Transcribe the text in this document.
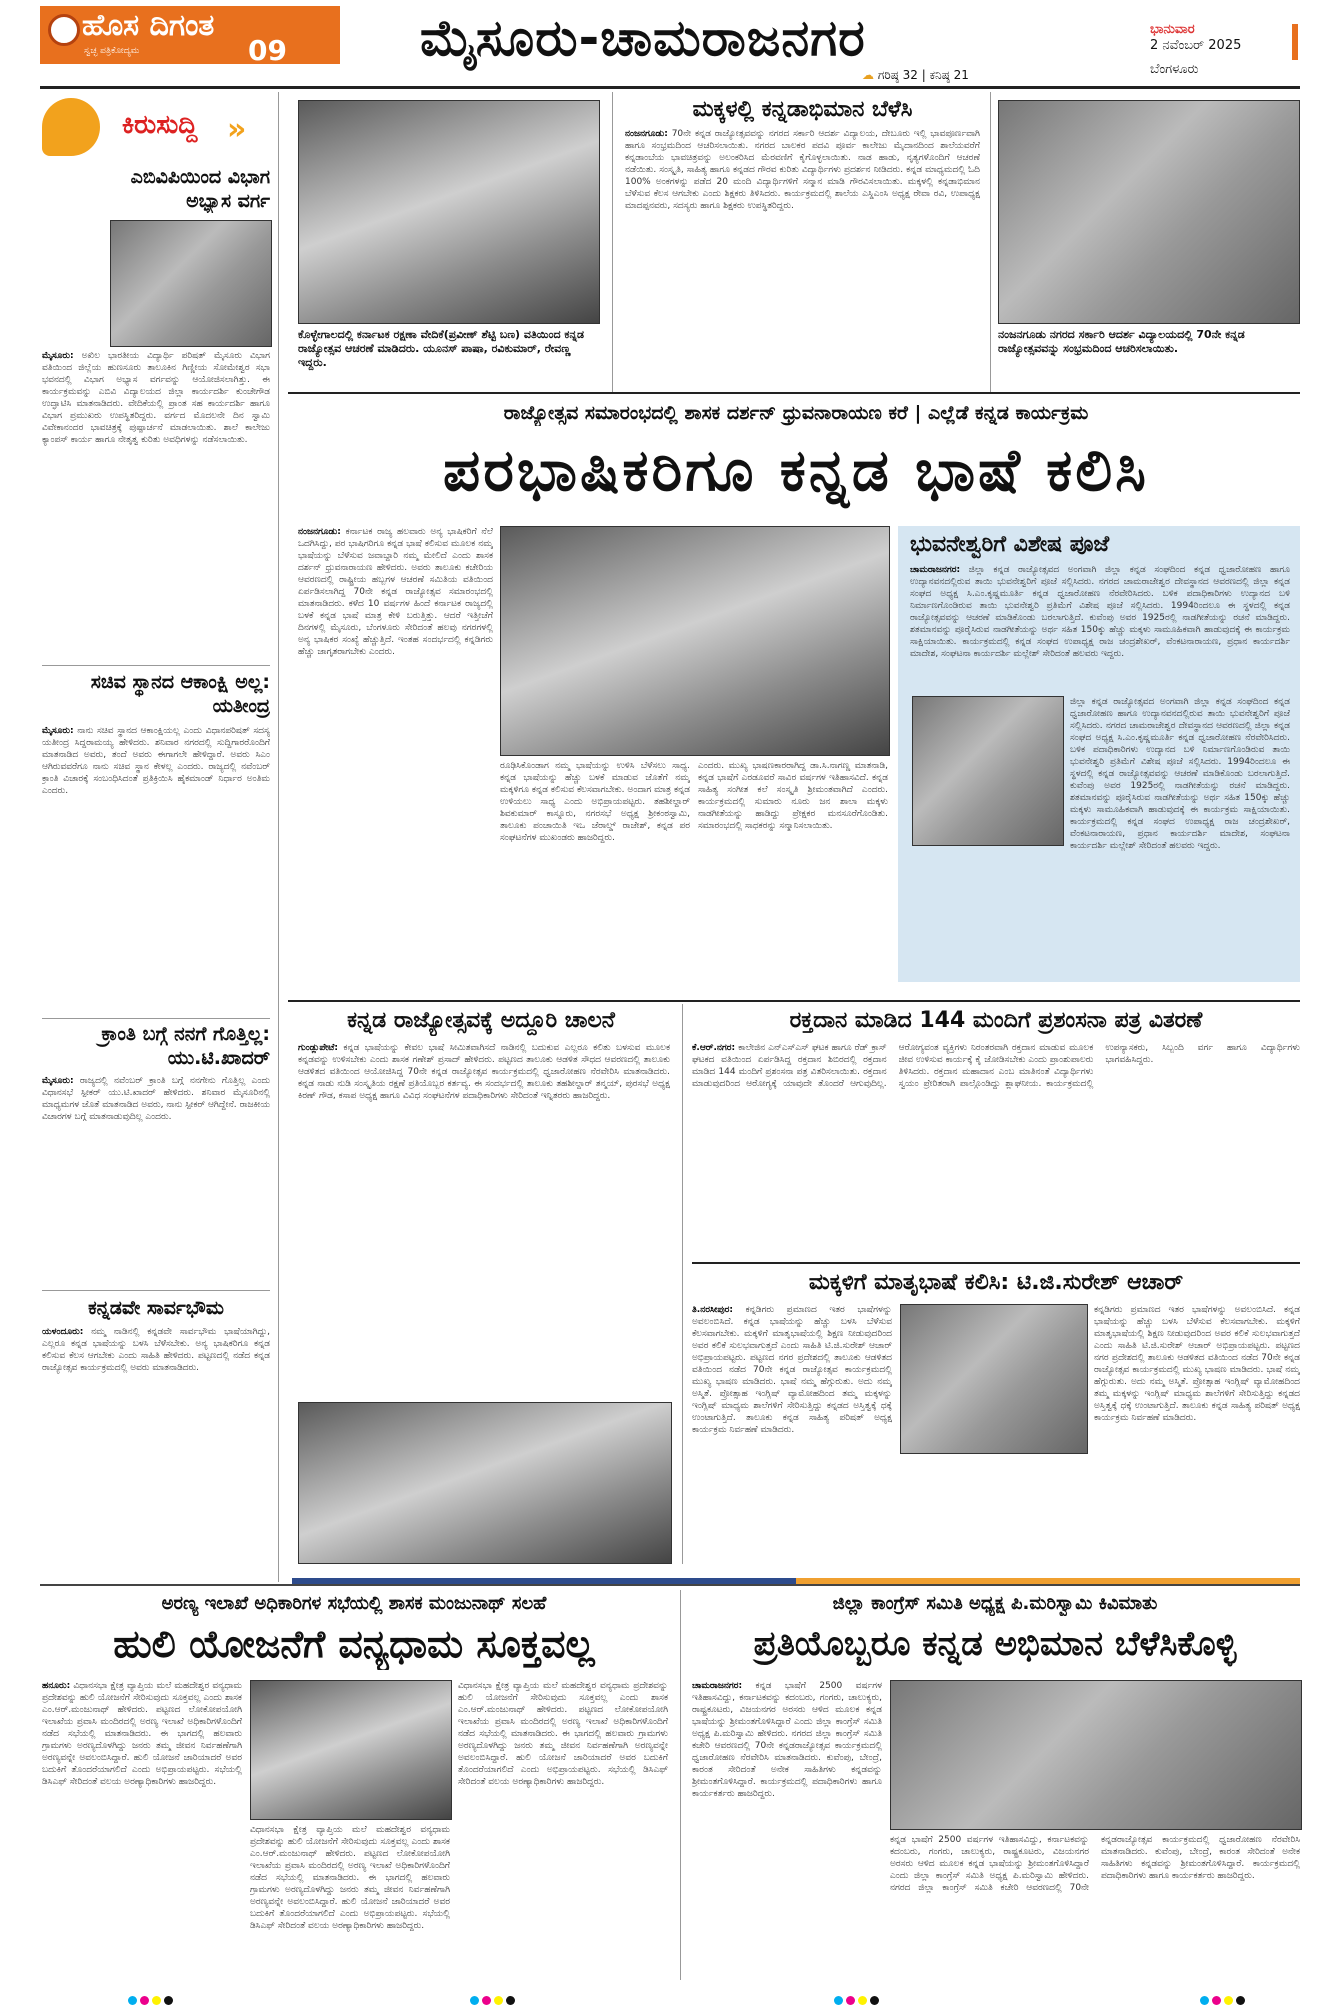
ಹೊಸ ದಿಗಂತ
ಸ್ವಚ್ಛ ಪತ್ರಿಕೋದ್ಯಮ	09	ಮೈಸೂರು-ಚಾಮರಾಜನಗರ	ಭಾನುವಾರ
2 ನವೆಂಬರ್ 2025
ಬೆಂಗಳೂರು
☁ ಗರಿಷ್ಠ 32 | ಕನಿಷ್ಠ 21
ಕಿರುಸುದ್ದಿ »
ಎಬಿವಿಪಿಯಿಂದ ವಿಭಾಗ ಅಭ್ಯಾಸ ವರ್ಗ
ಮೈಸೂರು: ಅಖಿಲ ಭಾರತೀಯ ವಿದ್ಯಾರ್ಥಿ ಪರಿಷತ್ ಮೈಸೂರು ವಿಭಾಗ ವತಿಯಿಂದ ಜಿಲ್ಲೆಯ ಹುಣಸೂರು ತಾಲೂಕಿನ ಗಿಣ್ಣೀಯ ಸೋಮೇಶ್ವರ ಸಭಾ ಭವನದಲ್ಲಿ ವಿಭಾಗ ಅಭ್ಯಾಸ ವರ್ಗವನ್ನು ಆಯೋಜಿಸಲಾಗಿತ್ತು. ಈ ಕಾರ್ಯಕ್ರಮವನ್ನು ಎಬಿವಿ ವಿದ್ಯಾಲಯದ ಜಿಲ್ಲಾ ಕಾರ್ಯದರ್ಶಿ ಕುಂಚೇಗೌಡ ಉದ್ಘಾಟಿಸಿ ಮಾತನಾಡಿದರು. ವೇದಿಕೆಯಲ್ಲಿ ಪ್ರಾಂತ ಸಹ ಕಾರ್ಯದರ್ಶಿ ಹಾಗೂ ವಿಭಾಗ ಪ್ರಮುಖರು ಉಪಸ್ಥಿತರಿದ್ದರು. ವರ್ಗದ ಮೊದಲನೇ ದಿನ ಸ್ವಾಮಿ ವಿವೇಕಾನಂದರ ಭಾವಚಿತ್ರಕ್ಕೆ ಪುಷ್ಪಾರ್ಚನೆ ಮಾಡಲಾಯಿತು. ಶಾಲೆ ಕಾಲೇಜು ಕ್ಯಾಂಪಸ್ ಕಾರ್ಯ ಹಾಗೂ ನೇತೃತ್ವ ಕುರಿತು ಅವಧಿಗಳನ್ನು ನಡೆಸಲಾಯಿತು.
ಸಚಿವ ಸ್ಥಾನದ ಆಕಾಂಕ್ಷಿ ಅಲ್ಲ: ಯತೀಂದ್ರ
ಮೈಸೂರು: ನಾನು ಸಚಿವ ಸ್ಥಾನದ ಆಕಾಂಕ್ಷಿಯಲ್ಲ ಎಂದು ವಿಧಾನಪರಿಷತ್ ಸದಸ್ಯ ಯತೀಂದ್ರ ಸಿದ್ದರಾಮಯ್ಯ ಹೇಳಿದರು. ಶನಿವಾರ ನಗರದಲ್ಲಿ ಸುದ್ದಿಗಾರರೊಂದಿಗೆ ಮಾತನಾಡಿದ ಅವರು, ತಂದೆ ಅವರು ಈಗಾಗಲೇ ಹೇಳಿದ್ದಾರೆ. ಅವರು ಸಿಎಂ ಆಗಿರುವವರೆಗೂ ನಾನು ಸಚಿವ ಸ್ಥಾನ ಕೇಳಲ್ಲ ಎಂದರು. ರಾಜ್ಯದಲ್ಲಿ ನವೆಂಬರ್ ಕ್ರಾಂತಿ ವಿಚಾರಕ್ಕೆ ಸಂಬಂಧಿಸಿದಂತೆ ಪ್ರತಿಕ್ರಿಯಿಸಿ ಹೈಕಮಾಂಡ್ ನಿರ್ಧಾರ ಅಂತಿಮ ಎಂದರು.
ಕ್ರಾಂತಿ ಬಗ್ಗೆ ನನಗೆ ಗೊತ್ತಿಲ್ಲ: ಯು.ಟಿ.ಖಾದರ್
ಮೈಸೂರು: ರಾಜ್ಯದಲ್ಲಿ ನವೆಂಬರ್ ಕ್ರಾಂತಿ ಬಗ್ಗೆ ನನಗೇನು ಗೊತ್ತಿಲ್ಲ ಎಂದು ವಿಧಾನಸಭೆ ಸ್ಪೀಕರ್ ಯು.ಟಿ.ಖಾದರ್ ಹೇಳಿದರು. ಶನಿವಾರ ಮೈಸೂರಿನಲ್ಲಿ ಮಾಧ್ಯಮಗಳ ಜೊತೆ ಮಾತನಾಡಿದ ಅವರು, ನಾನು ಸ್ಪೀಕರ್ ಆಗಿದ್ದೇನೆ. ರಾಜಕೀಯ ವಿಚಾರಗಳ ಬಗ್ಗೆ ಮಾತನಾಡುವುದಿಲ್ಲ ಎಂದರು.
ಕನ್ನಡವೇ ಸಾರ್ವಭೌಮ
ಯಳಂದೂರು: ನಮ್ಮ ನಾಡಿನಲ್ಲಿ ಕನ್ನಡವೇ ಸಾರ್ವಭೌಮ ಭಾಷೆಯಾಗಿದ್ದು, ಎಲ್ಲರೂ ಕನ್ನಡ ಭಾಷೆಯನ್ನು ಬಳಸಿ ಬೆಳೆಸಬೇಕು. ಅನ್ಯ ಭಾಷಿಕರಿಗೂ ಕನ್ನಡ ಕಲಿಸುವ ಕೆಲಸ ಆಗಬೇಕು ಎಂದು ಸಾಹಿತಿ ಹೇಳಿದರು. ಪಟ್ಟಣದಲ್ಲಿ ನಡೆದ ಕನ್ನಡ ರಾಜ್ಯೋತ್ಸವ ಕಾರ್ಯಕ್ರಮದಲ್ಲಿ ಅವರು ಮಾತನಾಡಿದರು.
ಕೊಳ್ಳೇಗಾಲದಲ್ಲಿ ಕರ್ನಾಟಕ ರಕ್ಷಣಾ ವೇದಿಕೆ(ಪ್ರವೀಣ್ ಶೆಟ್ಟಿ ಬಣ) ವತಿಯಿಂದ ಕನ್ನಡ ರಾಜ್ಯೋತ್ಸವ ಆಚರಣೆ ಮಾಡಿದರು. ಯೂನಸ್ ಪಾಷಾ, ರವಿಕುಮಾರ್, ರೇವಣ್ಣ ಇದ್ದರು.
ಮಕ್ಕಳಲ್ಲಿ ಕನ್ನಡಾಭಿಮಾನ ಬೆಳೆಸಿ
ನಂಜನಗೂಡು: 70ನೇ ಕನ್ನಡ ರಾಜ್ಯೋತ್ಸವವನ್ನು ನಗರದ ಸರ್ಕಾರಿ ಆದರ್ಶ ವಿದ್ಯಾಲಯ, ದೇಬೂರು ಇಲ್ಲಿ ಭಾವಪೂರ್ಣವಾಗಿ ಹಾಗೂ ಸಂಭ್ರಮದಿಂದ ಆಚರಿಸಲಾಯಿತು. ನಗರದ ಬಾಲಕರ ಪದವಿ ಪೂರ್ವ ಕಾಲೇಜು ಮೈದಾನದಿಂದ ಶಾಲೆಯವರೆಗೆ ಕನ್ನಡಾಂಬೆಯ ಭಾವಚಿತ್ರವನ್ನು ಅಲಂಕರಿಸಿದ ಮೆರವಣಿಗೆ ಕೈಗೊಳ್ಳಲಾಯಿತು. ನಾಡ ಹಾಡು, ನೃತ್ಯಗಳೊಂದಿಗೆ ಆಚರಣೆ ನಡೆಯಿತು. ಸಂಸ್ಕೃತಿ, ಸಾಹಿತ್ಯ ಹಾಗೂ ಕನ್ನಡದ ಗೌರವ ಕುರಿತು ವಿದ್ಯಾರ್ಥಿಗಳು ಪ್ರದರ್ಶನ ನೀಡಿದರು. ಕನ್ನಡ ಮಾಧ್ಯಮದಲ್ಲಿ ಓದಿ 100% ಅಂಕಗಳನ್ನು ಪಡೆದ 20 ಮಂದಿ ವಿದ್ಯಾರ್ಥಿಗಳಿಗೆ ಸನ್ಮಾನ ಮಾಡಿ ಗೌರವಿಸಲಾಯಿತು. ಮಕ್ಕಳಲ್ಲಿ ಕನ್ನಡಾಭಿಮಾನ ಬೆಳೆಸುವ ಕೆಲಸ ಆಗಬೇಕು ಎಂದು ಶಿಕ್ಷಕರು ತಿಳಿಸಿದರು. ಕಾರ್ಯಕ್ರಮದಲ್ಲಿ ಶಾಲೆಯ ಎಸ್ಡಿಎಂಸಿ ಅಧ್ಯಕ್ಷ ರೇವಾ ರವಿ, ಉಪಾಧ್ಯಕ್ಷ ಮಾದಪ್ಪನವರು, ಸದಸ್ಯರು ಹಾಗೂ ಶಿಕ್ಷಕರು ಉಪಸ್ಥಿತರಿದ್ದರು.
ನಂಜನಗೂಡು ನಗರದ ಸರ್ಕಾರಿ ಆದರ್ಶ ವಿದ್ಯಾಲಯದಲ್ಲಿ 70ನೇ ಕನ್ನಡ ರಾಜ್ಯೋತ್ಸವವನ್ನು ಸಂಭ್ರಮದಿಂದ ಆಚರಿಸಲಾಯಿತು.
ರಾಜ್ಯೋತ್ಸವ ಸಮಾರಂಭದಲ್ಲಿ ಶಾಸಕ ದರ್ಶನ್ ಧ್ರುವನಾರಾಯಣ ಕರೆ | ಎಲ್ಲೆಡೆ ಕನ್ನಡ ಕಾರ್ಯಕ್ರಮ
ಪರಭಾಷಿಕರಿಗೂ ಕನ್ನಡ ಭಾಷೆ ಕಲಿಸಿ
ನಂಜನಗೂಡು: ಕರ್ನಾಟಕ ರಾಜ್ಯ ಹಲವಾರು ಅನ್ಯ ಭಾಷಿಕರಿಗೆ ನೆಲೆ ಒದಗಿಸಿದ್ದು, ಪರ ಭಾಷಿಗರಿಗೂ ಕನ್ನಡ ಭಾಷೆ ಕಲಿಸುವ ಮೂಲಕ ನಮ್ಮ ಭಾಷೆಯನ್ನು ಬೆಳೆಸುವ ಜವಾಬ್ದಾರಿ ನಮ್ಮ ಮೇಲಿದೆ ಎಂದು ಶಾಸಕ ದರ್ಶನ್ ಧ್ರುವನಾರಾಯಣ ಹೇಳಿದರು. ಅವರು ತಾಲೂಕು ಕಚೇರಿಯ ಆವರಣದಲ್ಲಿ ರಾಷ್ಟ್ರೀಯ ಹಬ್ಬಗಳ ಆಚರಣೆ ಸಮಿತಿಯ ವತಿಯಿಂದ ಏರ್ಪಡಿಸಲಾಗಿದ್ದ 70ನೇ ಕನ್ನಡ ರಾಜ್ಯೋತ್ಸವ ಸಮಾರಂಭದಲ್ಲಿ ಮಾತನಾಡಿದರು. ಕಳೆದ 10 ವರ್ಷಗಳ ಹಿಂದೆ ಕರ್ನಾಟಕ ರಾಜ್ಯದಲ್ಲಿ ಬಳಕೆ ಕನ್ನಡ ಭಾಷೆ ಮಾತ್ರ ಕೇಳಿ ಬರುತ್ತಿತ್ತು. ಆದರೆ ಇತ್ತೀಚೆಗೆ ದಿನಗಳಲ್ಲಿ ಮೈಸೂರು, ಬೆಂಗಳೂರು ಸೇರಿದಂತೆ ಹಲವು ನಗರಗಳಲ್ಲಿ ಅನ್ಯ ಭಾಷಿಕರ ಸಂಖ್ಯೆ ಹೆಚ್ಚುತ್ತಿದೆ. ಇಂತಹ ಸಂದರ್ಭದಲ್ಲಿ ಕನ್ನಡಿಗರು ಹೆಚ್ಚು ಜಾಗೃತರಾಗಬೇಕು ಎಂದರು.
ರೂಢಿಸಿಕೊಂಡಾಗ ನಮ್ಮ ಭಾಷೆಯನ್ನು ಉಳಿಸಿ ಬೆಳೆಸಲು ಸಾಧ್ಯ. ಕನ್ನಡ ಭಾಷೆಯನ್ನು ಹೆಚ್ಚು ಬಳಕೆ ಮಾಡುವ ಜೊತೆಗೆ ನಮ್ಮ ಮಕ್ಕಳಿಗೂ ಕನ್ನಡ ಕಲಿಸುವ ಕೆಲಸವಾಗಬೇಕು. ಅಂದಾಗ ಮಾತ್ರ ಕನ್ನಡ ಉಳಿಯಲು ಸಾಧ್ಯ ಎಂದು ಅಭಿಪ್ರಾಯಪಟ್ಟರು. ತಹಶೀಲ್ದಾರ್ ಶಿವಕುಮಾರ್ ಕಾಸ್ನೂರು, ನಗರಸಭೆ ಅಧ್ಯಕ್ಷ ಶ್ರೀಕಂಠಸ್ವಾಮಿ, ತಾಲೂಕು ಪಂಚಾಯಿತಿ ಇಒ ಜೆರಾಲ್ಡ್ ರಾಜೇಶ್, ಕನ್ನಡ ಪರ ಸಂಘಟನೆಗಳ ಮುಖಂಡರು ಹಾಜರಿದ್ದರು.
ಎಂದರು. ಮುಖ್ಯ ಭಾಷಣಕಾರರಾಗಿದ್ದ ಡಾ.ಸಿ.ನಾಗಣ್ಣ ಮಾತನಾಡಿ, ಕನ್ನಡ ಭಾಷೆಗೆ ಎರಡೂವರೆ ಸಾವಿರ ವರ್ಷಗಳ ಇತಿಹಾಸವಿದೆ. ಕನ್ನಡ ಸಾಹಿತ್ಯ ಸಂಗೀತ ಕಲೆ ಸಂಸ್ಕೃತಿ ಶ್ರೀಮಂತವಾಗಿದೆ ಎಂದರು. ಕಾರ್ಯಕ್ರಮದಲ್ಲಿ ಸುಮಾರು ನೂರು ಜನ ಶಾಲಾ ಮಕ್ಕಳು ನಾಡಗೀತೆಯನ್ನು ಹಾಡಿದ್ದು ಪ್ರೇಕ್ಷಕರ ಮನಸೂರೆಗೊಂಡಿತು. ಸಮಾರಂಭದಲ್ಲಿ ಸಾಧಕರನ್ನು ಸನ್ಮಾನಿಸಲಾಯಿತು.
ಭುವನೇಶ್ವರಿಗೆ ವಿಶೇಷ ಪೂಜೆ
ಚಾಮರಾಜನಗರ: ಜಿಲ್ಲಾ ಕನ್ನಡ ರಾಜ್ಯೋತ್ಸವದ ಅಂಗವಾಗಿ ಜಿಲ್ಲಾ ಕನ್ನಡ ಸಂಘದಿಂದ ಕನ್ನಡ ಧ್ವಜಾರೋಹಣ ಹಾಗೂ ಉದ್ಯಾನವನದಲ್ಲಿರುವ ತಾಯಿ ಭುವನೇಶ್ವರಿಗೆ ಪೂಜೆ ಸಲ್ಲಿಸಿದರು. ನಗರದ ಚಾಮರಾಜೇಶ್ವರ ದೇವಸ್ಥಾನದ ಆವರಣದಲ್ಲಿ ಜಿಲ್ಲಾ ಕನ್ನಡ ಸಂಘದ ಅಧ್ಯಕ್ಷ ಸಿ.ಎಂ.ಕೃಷ್ಣಮೂರ್ತಿ ಕನ್ನಡ ಧ್ವಜಾರೋಹಣ ನೆರವೇರಿಸಿದರು. ಬಳಿಕ ಪದಾಧಿಕಾರಿಗಳು ಉದ್ಯಾನದ ಬಳಿ ನಿರ್ಮಾಣಗೊಂಡಿರುವ ತಾಯಿ ಭುವನೇಶ್ವರಿ ಪ್ರತಿಮೆಗೆ ವಿಶೇಷ ಪೂಜೆ ಸಲ್ಲಿಸಿದರು. 1994ರಿಂದಲೂ ಈ ಸ್ಥಳದಲ್ಲಿ ಕನ್ನಡ ರಾಜ್ಯೋತ್ಸವವನ್ನು ಆಚರಣೆ ಮಾಡಿಕೊಂಡು ಬರಲಾಗುತ್ತಿದೆ. ಕುವೆಂಪು ಅವರ 1925ರಲ್ಲಿ ನಾಡಗೀತೆಯನ್ನು ರಚನೆ ಮಾಡಿದ್ದರು. ಶತಮಾನವನ್ನು ಪೂರೈಸಿರುವ ನಾಡಗೀತೆಯನ್ನು ಅರ್ಥ ಸಹಿತ 150ಕ್ಕು ಹೆಚ್ಚು ಮಕ್ಕಳು ಸಾಮೂಹಿಕವಾಗಿ ಹಾಡುವುದಕ್ಕೆ ಈ ಕಾರ್ಯಕ್ರಮ ಸಾಕ್ಷಿಯಾಯಿತು. ಕಾರ್ಯಕ್ರಮದಲ್ಲಿ ಕನ್ನಡ ಸಂಘದ ಉಪಾಧ್ಯಕ್ಷ ರಾಜ ಚಂದ್ರಶೇಖರ್, ವೆಂಕಟನಾರಾಯಣ, ಪ್ರಧಾನ ಕಾರ್ಯದರ್ಶಿ ಮಾದೇಶ, ಸಂಘಟನಾ ಕಾರ್ಯದರ್ಶಿ ಮಲ್ಲೇಶ್ ಸೇರಿದಂತೆ ಹಲವರು ಇದ್ದರು.
ಜಿಲ್ಲಾ ಕನ್ನಡ ರಾಜ್ಯೋತ್ಸವದ ಅಂಗವಾಗಿ ಜಿಲ್ಲಾ ಕನ್ನಡ ಸಂಘದಿಂದ ಕನ್ನಡ ಧ್ವಜಾರೋಹಣ ಹಾಗೂ ಉದ್ಯಾನವನದಲ್ಲಿರುವ ತಾಯಿ ಭುವನೇಶ್ವರಿಗೆ ಪೂಜೆ ಸಲ್ಲಿಸಿದರು. ನಗರದ ಚಾಮರಾಜೇಶ್ವರ ದೇವಸ್ಥಾನದ ಆವರಣದಲ್ಲಿ ಜಿಲ್ಲಾ ಕನ್ನಡ ಸಂಘದ ಅಧ್ಯಕ್ಷ ಸಿ.ಎಂ.ಕೃಷ್ಣಮೂರ್ತಿ ಕನ್ನಡ ಧ್ವಜಾರೋಹಣ ನೆರವೇರಿಸಿದರು. ಬಳಿಕ ಪದಾಧಿಕಾರಿಗಳು ಉದ್ಯಾನದ ಬಳಿ ನಿರ್ಮಾಣಗೊಂಡಿರುವ ತಾಯಿ ಭುವನೇಶ್ವರಿ ಪ್ರತಿಮೆಗೆ ವಿಶೇಷ ಪೂಜೆ ಸಲ್ಲಿಸಿದರು. 1994ರಿಂದಲೂ ಈ ಸ್ಥಳದಲ್ಲಿ ಕನ್ನಡ ರಾಜ್ಯೋತ್ಸವವನ್ನು ಆಚರಣೆ ಮಾಡಿಕೊಂಡು ಬರಲಾಗುತ್ತಿದೆ. ಕುವೆಂಪು ಅವರ 1925ರಲ್ಲಿ ನಾಡಗೀತೆಯನ್ನು ರಚನೆ ಮಾಡಿದ್ದರು. ಶತಮಾನವನ್ನು ಪೂರೈಸಿರುವ ನಾಡಗೀತೆಯನ್ನು ಅರ್ಥ ಸಹಿತ 150ಕ್ಕು ಹೆಚ್ಚು ಮಕ್ಕಳು ಸಾಮೂಹಿಕವಾಗಿ ಹಾಡುವುದಕ್ಕೆ ಈ ಕಾರ್ಯಕ್ರಮ ಸಾಕ್ಷಿಯಾಯಿತು. ಕಾರ್ಯಕ್ರಮದಲ್ಲಿ ಕನ್ನಡ ಸಂಘದ ಉಪಾಧ್ಯಕ್ಷ ರಾಜ ಚಂದ್ರಶೇಖರ್, ವೆಂಕಟನಾರಾಯಣ, ಪ್ರಧಾನ ಕಾರ್ಯದರ್ಶಿ ಮಾದೇಶ, ಸಂಘಟನಾ ಕಾರ್ಯದರ್ಶಿ ಮಲ್ಲೇಶ್ ಸೇರಿದಂತೆ ಹಲವರು ಇದ್ದರು.
ಕನ್ನಡ ರಾಜ್ಯೋತ್ಸವಕ್ಕೆ ಅದ್ದೂರಿ ಚಾಲನೆ
ಗುಂಡ್ಲುಪೇಟೆ: ಕನ್ನಡ ಭಾಷೆಯನ್ನು ಕೇವಲ ಭಾಷೆ ಸೀಮಿತವಾಗಿಸದೆ ನಾಡಿನಲ್ಲಿ ಬದುಕುವ ಎಲ್ಲರೂ ಕಲಿತು ಬಳಸುವ ಮೂಲಕ ಕನ್ನಡವನ್ನು ಉಳಿಸಬೇಕು ಎಂದು ಶಾಸಕ ಗಣೇಶ್ ಪ್ರಸಾದ್ ಹೇಳಿದರು. ಪಟ್ಟಣದ ತಾಲೂಕು ಆಡಳಿತ ಸೌಧದ ಆವರಣದಲ್ಲಿ ತಾಲೂಕು ಆಡಳಿತದ ವತಿಯಿಂದ ಆಯೋಜಿಸಿದ್ದ 70ನೇ ಕನ್ನಡ ರಾಜ್ಯೋತ್ಸವ ಕಾರ್ಯಕ್ರಮದಲ್ಲಿ ಧ್ವಜಾರೋಹಣ ನೆರವೇರಿಸಿ ಮಾತನಾಡಿದರು. ಕನ್ನಡ ನಾಡು ನುಡಿ ಸಂಸ್ಕೃತಿಯ ರಕ್ಷಣೆ ಪ್ರತಿಯೊಬ್ಬರ ಕರ್ತವ್ಯ. ಈ ಸಂದರ್ಭದಲ್ಲಿ ತಾಲೂಕು ತಹಶೀಲ್ದಾರ್ ತನ್ಮಯ್, ಪುರಸಭೆ ಅಧ್ಯಕ್ಷ ಕಿರಣ್ ಗೌಡ, ಕಸಾಪ ಅಧ್ಯಕ್ಷ ಹಾಗೂ ವಿವಿಧ ಸಂಘಟನೆಗಳ ಪದಾಧಿಕಾರಿಗಳು ಸೇರಿದಂತೆ ಇನ್ನಿತರರು ಹಾಜರಿದ್ದರು.
ರಕ್ತದಾನ ಮಾಡಿದ 144 ಮಂದಿಗೆ ಪ್ರಶಂಸನಾ ಪತ್ರ ವಿತರಣೆ
ಕೆ.ಆರ್.ನಗರ: ಕಾಲೇಜಿನ ಎನ್ಎಸ್ಎಸ್ ಘಟಕ ಹಾಗೂ ರೆಡ್ ಕ್ರಾಸ್ ಘಟಕದ ವತಿಯಿಂದ ಏರ್ಪಡಿಸಿದ್ದ ರಕ್ತದಾನ ಶಿಬಿರದಲ್ಲಿ ರಕ್ತದಾನ ಮಾಡಿದ 144 ಮಂದಿಗೆ ಪ್ರಶಂಸನಾ ಪತ್ರ ವಿತರಿಸಲಾಯಿತು. ರಕ್ತದಾನ ಮಾಡುವುದರಿಂದ ಆರೋಗ್ಯಕ್ಕೆ ಯಾವುದೇ ತೊಂದರೆ ಆಗುವುದಿಲ್ಲ. ಆರೋಗ್ಯವಂತ ವ್ಯಕ್ತಿಗಳು ನಿರಂತರವಾಗಿ ರಕ್ತದಾನ ಮಾಡುವ ಮೂಲಕ ಜೀವ ಉಳಿಸುವ ಕಾರ್ಯಕ್ಕೆ ಕೈ ಜೋಡಿಸಬೇಕು ಎಂದು ಪ್ರಾಂಶುಪಾಲರು ತಿಳಿಸಿದರು. ರಕ್ತದಾನ ಮಹಾದಾನ ಎಂಬ ಮಾತಿನಂತೆ ವಿದ್ಯಾರ್ಥಿಗಳು ಸ್ವಯಂ ಪ್ರೇರಿತರಾಗಿ ಪಾಲ್ಗೊಂಡಿದ್ದು ಶ್ಲಾಘನೀಯ. ಕಾರ್ಯಕ್ರಮದಲ್ಲಿ ಉಪನ್ಯಾಸಕರು, ಸಿಬ್ಬಂದಿ ವರ್ಗ ಹಾಗೂ ವಿದ್ಯಾರ್ಥಿಗಳು ಭಾಗವಹಿಸಿದ್ದರು.
ಮಕ್ಕಳಿಗೆ ಮಾತೃಭಾಷೆ ಕಲಿಸಿ: ಟಿ.ಜಿ.ಸುರೇಶ್ ಆಚಾರ್
ತಿ.ನರಸೀಪುರ: ಕನ್ನಡಿಗರು ಪ್ರಮಾಣದ ಇತರ ಭಾಷೆಗಳನ್ನು ಅವಲಂಬಿಸಿದೆ. ಕನ್ನಡ ಭಾಷೆಯನ್ನು ಹೆಚ್ಚು ಬಳಸಿ ಬೆಳೆಸುವ ಕೆಲಸವಾಗಬೇಕು. ಮಕ್ಕಳಿಗೆ ಮಾತೃಭಾಷೆಯಲ್ಲಿ ಶಿಕ್ಷಣ ನೀಡುವುದರಿಂದ ಅವರ ಕಲಿಕೆ ಸುಲಭವಾಗುತ್ತದೆ ಎಂದು ಸಾಹಿತಿ ಟಿ.ಜಿ.ಸುರೇಶ್ ಆಚಾರ್ ಅಭಿಪ್ರಾಯಪಟ್ಟರು. ಪಟ್ಟಣದ ನಗರ ಪ್ರದೇಶದಲ್ಲಿ ತಾಲೂಕು ಆಡಳಿತದ ವತಿಯಿಂದ ನಡೆದ 70ನೇ ಕನ್ನಡ ರಾಜ್ಯೋತ್ಸವ ಕಾರ್ಯಕ್ರಮದಲ್ಲಿ ಮುಖ್ಯ ಭಾಷಣ ಮಾಡಿದರು. ಭಾಷೆ ನಮ್ಮ ಹೆಗ್ಗುರುತು. ಅದು ನಮ್ಮ ಅಸ್ಮಿತೆ. ಪ್ರೋತ್ಸಾಹ ಇಂಗ್ಲಿಷ್ ವ್ಯಾಮೋಹದಿಂದ ತಮ್ಮ ಮಕ್ಕಳನ್ನು ಇಂಗ್ಲಿಷ್ ಮಾಧ್ಯಮ ಶಾಲೆಗಳಿಗೆ ಸೇರಿಸುತ್ತಿದ್ದು ಕನ್ನಡದ ಅಸ್ತಿತ್ವಕ್ಕೆ ಧಕ್ಕೆ ಉಂಟಾಗುತ್ತಿದೆ. ತಾಲೂಕು ಕನ್ನಡ ಸಾಹಿತ್ಯ ಪರಿಷತ್ ಅಧ್ಯಕ್ಷ ಕಾರ್ಯಕ್ರಮ ನಿರ್ವಹಣೆ ಮಾಡಿದರು.
ಕನ್ನಡಿಗರು ಪ್ರಮಾಣದ ಇತರ ಭಾಷೆಗಳನ್ನು ಅವಲಂಬಿಸಿದೆ. ಕನ್ನಡ ಭಾಷೆಯನ್ನು ಹೆಚ್ಚು ಬಳಸಿ ಬೆಳೆಸುವ ಕೆಲಸವಾಗಬೇಕು. ಮಕ್ಕಳಿಗೆ ಮಾತೃಭಾಷೆಯಲ್ಲಿ ಶಿಕ್ಷಣ ನೀಡುವುದರಿಂದ ಅವರ ಕಲಿಕೆ ಸುಲಭವಾಗುತ್ತದೆ ಎಂದು ಸಾಹಿತಿ ಟಿ.ಜಿ.ಸುರೇಶ್ ಆಚಾರ್ ಅಭಿಪ್ರಾಯಪಟ್ಟರು. ಪಟ್ಟಣದ ನಗರ ಪ್ರದೇಶದಲ್ಲಿ ತಾಲೂಕು ಆಡಳಿತದ ವತಿಯಿಂದ ನಡೆದ 70ನೇ ಕನ್ನಡ ರಾಜ್ಯೋತ್ಸವ ಕಾರ್ಯಕ್ರಮದಲ್ಲಿ ಮುಖ್ಯ ಭಾಷಣ ಮಾಡಿದರು. ಭಾಷೆ ನಮ್ಮ ಹೆಗ್ಗುರುತು. ಅದು ನಮ್ಮ ಅಸ್ಮಿತೆ. ಪ್ರೋತ್ಸಾಹ ಇಂಗ್ಲಿಷ್ ವ್ಯಾಮೋಹದಿಂದ ತಮ್ಮ ಮಕ್ಕಳನ್ನು ಇಂಗ್ಲಿಷ್ ಮಾಧ್ಯಮ ಶಾಲೆಗಳಿಗೆ ಸೇರಿಸುತ್ತಿದ್ದು ಕನ್ನಡದ ಅಸ್ತಿತ್ವಕ್ಕೆ ಧಕ್ಕೆ ಉಂಟಾಗುತ್ತಿದೆ. ತಾಲೂಕು ಕನ್ನಡ ಸಾಹಿತ್ಯ ಪರಿಷತ್ ಅಧ್ಯಕ್ಷ ಕಾರ್ಯಕ್ರಮ ನಿರ್ವಹಣೆ ಮಾಡಿದರು.
ಅರಣ್ಯ ಇಲಾಖೆ ಅಧಿಕಾರಿಗಳ ಸಭೆಯಲ್ಲಿ ಶಾಸಕ ಮಂಜುನಾಥ್ ಸಲಹೆ
ಹುಲಿ ಯೋಜನೆಗೆ ವನ್ಯಧಾಮ ಸೂಕ್ತವಲ್ಲ
ಹನೂರು: ವಿಧಾನಸಭಾ ಕ್ಷೇತ್ರ ವ್ಯಾಪ್ತಿಯ ಮಲೆ ಮಹದೇಶ್ವರ ವನ್ಯಧಾಮ ಪ್ರದೇಶವನ್ನು ಹುಲಿ ಯೋಜನೆಗೆ ಸೇರಿಸುವುದು ಸೂಕ್ತವಲ್ಲ ಎಂದು ಶಾಸಕ ಎಂ.ಆರ್.ಮಂಜುನಾಥ್ ಹೇಳಿದರು. ಪಟ್ಟಣದ ಲೋಕೋಪಯೋಗಿ ಇಲಾಖೆಯ ಪ್ರವಾಸಿ ಮಂದಿರದಲ್ಲಿ ಅರಣ್ಯ ಇಲಾಖೆ ಅಧಿಕಾರಿಗಳೊಂದಿಗೆ ನಡೆದ ಸಭೆಯಲ್ಲಿ ಮಾತನಾಡಿದರು. ಈ ಭಾಗದಲ್ಲಿ ಹಲವಾರು ಗ್ರಾಮಗಳು ಅರಣ್ಯದೊಳಗಿದ್ದು ಜನರು ತಮ್ಮ ಜೀವನ ನಿರ್ವಹಣೆಗಾಗಿ ಅರಣ್ಯವನ್ನೇ ಅವಲಂಬಿಸಿದ್ದಾರೆ. ಹುಲಿ ಯೋಜನೆ ಜಾರಿಯಾದರೆ ಅವರ ಬದುಕಿಗೆ ತೊಂದರೆಯಾಗಲಿದೆ ಎಂದು ಅಭಿಪ್ರಾಯಪಟ್ಟರು. ಸಭೆಯಲ್ಲಿ ಡಿಸಿಎಫ್ ಸೇರಿದಂತೆ ವಲಯ ಅರಣ್ಯಾಧಿಕಾರಿಗಳು ಹಾಜರಿದ್ದರು.
ವಿಧಾನಸಭಾ ಕ್ಷೇತ್ರ ವ್ಯಾಪ್ತಿಯ ಮಲೆ ಮಹದೇಶ್ವರ ವನ್ಯಧಾಮ ಪ್ರದೇಶವನ್ನು ಹುಲಿ ಯೋಜನೆಗೆ ಸೇರಿಸುವುದು ಸೂಕ್ತವಲ್ಲ ಎಂದು ಶಾಸಕ ಎಂ.ಆರ್.ಮಂಜುನಾಥ್ ಹೇಳಿದರು. ಪಟ್ಟಣದ ಲೋಕೋಪಯೋಗಿ ಇಲಾಖೆಯ ಪ್ರವಾಸಿ ಮಂದಿರದಲ್ಲಿ ಅರಣ್ಯ ಇಲಾಖೆ ಅಧಿಕಾರಿಗಳೊಂದಿಗೆ ನಡೆದ ಸಭೆಯಲ್ಲಿ ಮಾತನಾಡಿದರು. ಈ ಭಾಗದಲ್ಲಿ ಹಲವಾರು ಗ್ರಾಮಗಳು ಅರಣ್ಯದೊಳಗಿದ್ದು ಜನರು ತಮ್ಮ ಜೀವನ ನಿರ್ವಹಣೆಗಾಗಿ ಅರಣ್ಯವನ್ನೇ ಅವಲಂಬಿಸಿದ್ದಾರೆ. ಹುಲಿ ಯೋಜನೆ ಜಾರಿಯಾದರೆ ಅವರ ಬದುಕಿಗೆ ತೊಂದರೆಯಾಗಲಿದೆ ಎಂದು ಅಭಿಪ್ರಾಯಪಟ್ಟರು. ಸಭೆಯಲ್ಲಿ ಡಿಸಿಎಫ್ ಸೇರಿದಂತೆ ವಲಯ ಅರಣ್ಯಾಧಿಕಾರಿಗಳು ಹಾಜರಿದ್ದರು.
ವಿಧಾನಸಭಾ ಕ್ಷೇತ್ರ ವ್ಯಾಪ್ತಿಯ ಮಲೆ ಮಹದೇಶ್ವರ ವನ್ಯಧಾಮ ಪ್ರದೇಶವನ್ನು ಹುಲಿ ಯೋಜನೆಗೆ ಸೇರಿಸುವುದು ಸೂಕ್ತವಲ್ಲ ಎಂದು ಶಾಸಕ ಎಂ.ಆರ್.ಮಂಜುನಾಥ್ ಹೇಳಿದರು. ಪಟ್ಟಣದ ಲೋಕೋಪಯೋಗಿ ಇಲಾಖೆಯ ಪ್ರವಾಸಿ ಮಂದಿರದಲ್ಲಿ ಅರಣ್ಯ ಇಲಾಖೆ ಅಧಿಕಾರಿಗಳೊಂದಿಗೆ ನಡೆದ ಸಭೆಯಲ್ಲಿ ಮಾತನಾಡಿದರು. ಈ ಭಾಗದಲ್ಲಿ ಹಲವಾರು ಗ್ರಾಮಗಳು ಅರಣ್ಯದೊಳಗಿದ್ದು ಜನರು ತಮ್ಮ ಜೀವನ ನಿರ್ವಹಣೆಗಾಗಿ ಅರಣ್ಯವನ್ನೇ ಅವಲಂಬಿಸಿದ್ದಾರೆ. ಹುಲಿ ಯೋಜನೆ ಜಾರಿಯಾದರೆ ಅವರ ಬದುಕಿಗೆ ತೊಂದರೆಯಾಗಲಿದೆ ಎಂದು ಅಭಿಪ್ರಾಯಪಟ್ಟರು. ಸಭೆಯಲ್ಲಿ ಡಿಸಿಎಫ್ ಸೇರಿದಂತೆ ವಲಯ ಅರಣ್ಯಾಧಿಕಾರಿಗಳು ಹಾಜರಿದ್ದರು.
ಜಿಲ್ಲಾ ಕಾಂಗ್ರೆಸ್ ಸಮಿತಿ ಅಧ್ಯಕ್ಷ ಪಿ.ಮರಿಸ್ವಾಮಿ ಕಿವಿಮಾತು
ಪ್ರತಿಯೊಬ್ಬರೂ ಕನ್ನಡ ಅಭಿಮಾನ ಬೆಳೆಸಿಕೊಳ್ಳಿ
ಚಾಮರಾಜನಗರ: ಕನ್ನಡ ಭಾಷೆಗೆ 2500 ವರ್ಷಗಳ ಇತಿಹಾಸವಿದ್ದು, ಕರ್ನಾಟಕವನ್ನು ಕದಂಬರು, ಗಂಗರು, ಚಾಲುಕ್ಯರು, ರಾಷ್ಟ್ರಕೂಟರು, ವಿಜಯನಗರ ಅರಸರು ಆಳಿದ ಮೂಲಕ ಕನ್ನಡ ಭಾಷೆಯನ್ನು ಶ್ರೀಮಂತಗೊಳಿಸಿದ್ದಾರೆ ಎಂದು ಜಿಲ್ಲಾ ಕಾಂಗ್ರೆಸ್ ಸಮಿತಿ ಅಧ್ಯಕ್ಷ ಪಿ.ಮರಿಸ್ವಾಮಿ ಹೇಳಿದರು. ನಗರದ ಜಿಲ್ಲಾ ಕಾಂಗ್ರೆಸ್ ಸಮಿತಿ ಕಚೇರಿ ಆವರಣದಲ್ಲಿ 70ನೇ ಕನ್ನಡರಾಜ್ಯೋತ್ಸವ ಕಾರ್ಯಕ್ರಮದಲ್ಲಿ ಧ್ವಜಾರೋಹಣ ನೆರವೇರಿಸಿ ಮಾತನಾಡಿದರು. ಕುವೆಂಪು, ಬೇಂದ್ರೆ, ಕಾರಂತ ಸೇರಿದಂತೆ ಅನೇಕ ಸಾಹಿತಿಗಳು ಕನ್ನಡವನ್ನು ಶ್ರೀಮಂತಗೊಳಿಸಿದ್ದಾರೆ. ಕಾರ್ಯಕ್ರಮದಲ್ಲಿ ಪದಾಧಿಕಾರಿಗಳು ಹಾಗೂ ಕಾರ್ಯಕರ್ತರು ಹಾಜರಿದ್ದರು.
ಕನ್ನಡ ಭಾಷೆಗೆ 2500 ವರ್ಷಗಳ ಇತಿಹಾಸವಿದ್ದು, ಕರ್ನಾಟಕವನ್ನು ಕದಂಬರು, ಗಂಗರು, ಚಾಲುಕ್ಯರು, ರಾಷ್ಟ್ರಕೂಟರು, ವಿಜಯನಗರ ಅರಸರು ಆಳಿದ ಮೂಲಕ ಕನ್ನಡ ಭಾಷೆಯನ್ನು ಶ್ರೀಮಂತಗೊಳಿಸಿದ್ದಾರೆ ಎಂದು ಜಿಲ್ಲಾ ಕಾಂಗ್ರೆಸ್ ಸಮಿತಿ ಅಧ್ಯಕ್ಷ ಪಿ.ಮರಿಸ್ವಾಮಿ ಹೇಳಿದರು. ನಗರದ ಜಿಲ್ಲಾ ಕಾಂಗ್ರೆಸ್ ಸಮಿತಿ ಕಚೇರಿ ಆವರಣದಲ್ಲಿ 70ನೇ ಕನ್ನಡರಾಜ್ಯೋತ್ಸವ ಕಾರ್ಯಕ್ರಮದಲ್ಲಿ ಧ್ವಜಾರೋಹಣ ನೆರವೇರಿಸಿ ಮಾತನಾಡಿದರು. ಕುವೆಂಪು, ಬೇಂದ್ರೆ, ಕಾರಂತ ಸೇರಿದಂತೆ ಅನೇಕ ಸಾಹಿತಿಗಳು ಕನ್ನಡವನ್ನು ಶ್ರೀಮಂತಗೊಳಿಸಿದ್ದಾರೆ. ಕಾರ್ಯಕ್ರಮದಲ್ಲಿ ಪದಾಧಿಕಾರಿಗಳು ಹಾಗೂ ಕಾರ್ಯಕರ್ತರು ಹಾಜರಿದ್ದರು.
